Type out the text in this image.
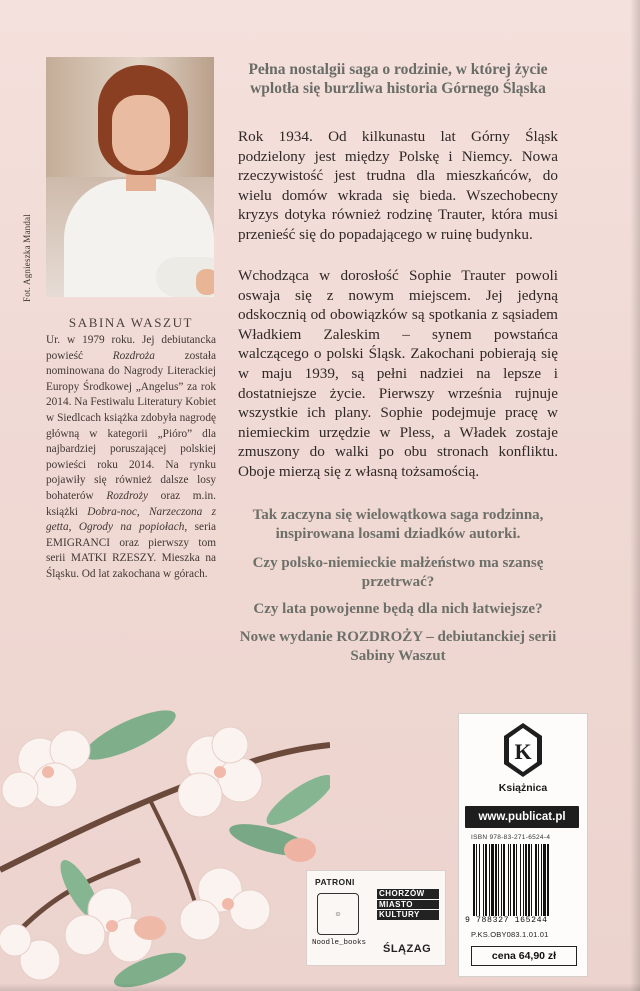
Fot. Agnieszka Mandal
SABINA WASZUT
Ur. w 1979 roku. Jej debiutancka powieść Rozdroża została nominowana do Nagrody Literackiej Europy Środkowej „Angelus” za rok 2014. Na Festiwalu Literatury Kobiet w Siedlcach książka zdobyła nagrodę główną w kategorii „Pióro” dla najbardziej poruszającej polskiej powieści roku 2014. Na rynku pojawiły się również dalsze losy bohaterów Rozdroży oraz m.in. książki Dobra-noc, Narzeczona z getta, Ogrody na popiołach, seria EMIGRANCI oraz pierwszy tom serii MATKI RZESZY. Mieszka na Śląsku. Od lat zakochana w górach.
Pełna nostalgii saga o rodzinie, w której życie wplotła się burzliwa historia Górnego Śląska
Rok 1934. Od kilkunastu lat Górny Śląsk podzielony jest między Polskę i Niemcy. Nowa rzeczywistość jest trudna dla mieszkańców, do wielu domów wkrada się bieda. Wszechobecny kryzys dotyka również rodzinę Trauter, która musi przenieść się do popadającego w ruinę budynku.
Wchodząca w dorosłość Sophie Trauter powoli oswaja się z nowym miejscem. Jej jedyną odskocznią od obowiązków są spotkania z sąsiadem Władkiem Zaleskim – synem powstańca walczącego o polski Śląsk. Zakochani pobierają się w maju 1939, są pełni nadziei na lepsze i dostatniejsze życie. Pierwszy września rujnuje wszystkie ich plany. Sophie podejmuje pracę w niemieckim urzędzie w Pless, a Władek zostaje zmuszony do walki po obu stronach konfliktu. Oboje mierzą się z własną tożsamością.
Tak zaczyna się wielowątkowa saga rodzinna, inspirowana losami dziadków autorki.
Czy polsko-niemieckie małżeństwo ma szansę przetrwać?
Czy lata powojenne będą dla nich łatwiejsze?
Nowe wydanie ROZDROŻY – debiutanckiej serii Sabiny Waszut
PATRONI
☺
Noodle_books
CHORZÓW
MIASTO
KULTURY
ŚLĄZAG
K
Książnica
www.publicat.pl
ISBN 978-83-271-6524-4
9 788327 165244
P.KS.OBY083.1.01.01
cena 64,90 zł
